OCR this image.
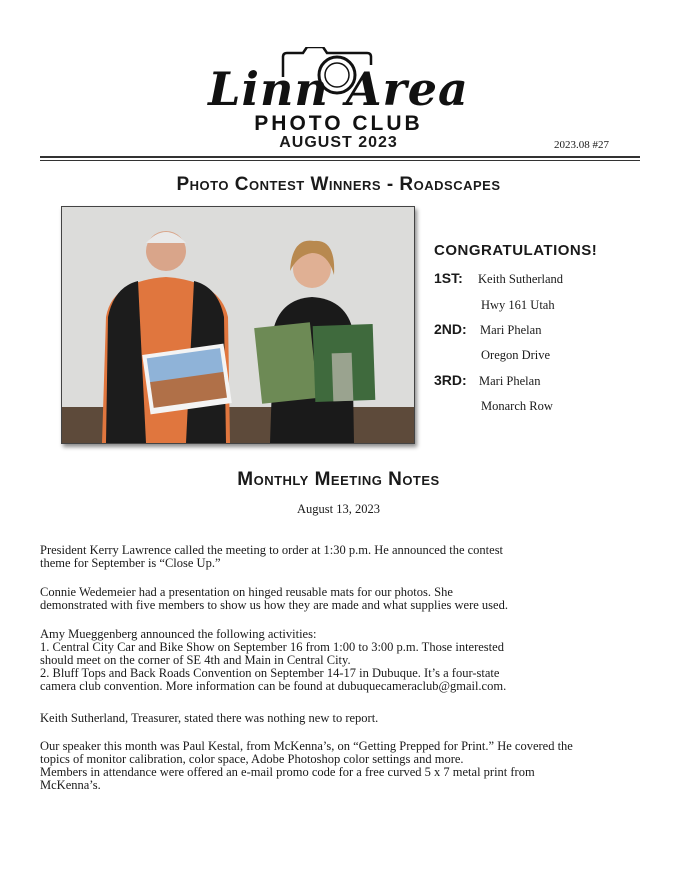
Linn Area
PHOTO CLUB
AUGUST 2023	2023.08 #27
Photo Contest Winners - Roadscapes
CONGRATULATIONS!
1ST: Keith Sutherland
Hwy 161 Utah
2ND: Mari Phelan
Oregon Drive
3RD: Mari Phelan
Monarch Row
Monthly Meeting Notes
August 13, 2023

President Kerry Lawrence called the meeting to order at 1:30 p.m. He announced the contest
theme for September is “Close Up.”

Connie Wedemeier had a presentation on hinged reusable mats for our photos. She
demonstrated with five members to show us how they are made and what supplies were used.

Amy Mueggenberg announced the following activities:
1. Central City Car and Bike Show on September 16 from 1:00 to 3:00 p.m. Those interested
should meet on the corner of SE 4th and Main in Central City.
2. Bluff Tops and Back Roads Convention on September 14-17 in Dubuque. It’s a four-state
camera club convention. More information can be found at dubuquecameraclub@gmail.com.

Keith Sutherland, Treasurer, stated there was nothing new to report.

Our speaker this month was Paul Kestal, from McKenna’s, on “Getting Prepped for Print.” He covered the
topics of monitor calibration, color space, Adobe Photoshop color settings and more.
Members in attendance were offered an e-mail promo code for a free curved 5 x 7 metal print from
McKenna’s.
